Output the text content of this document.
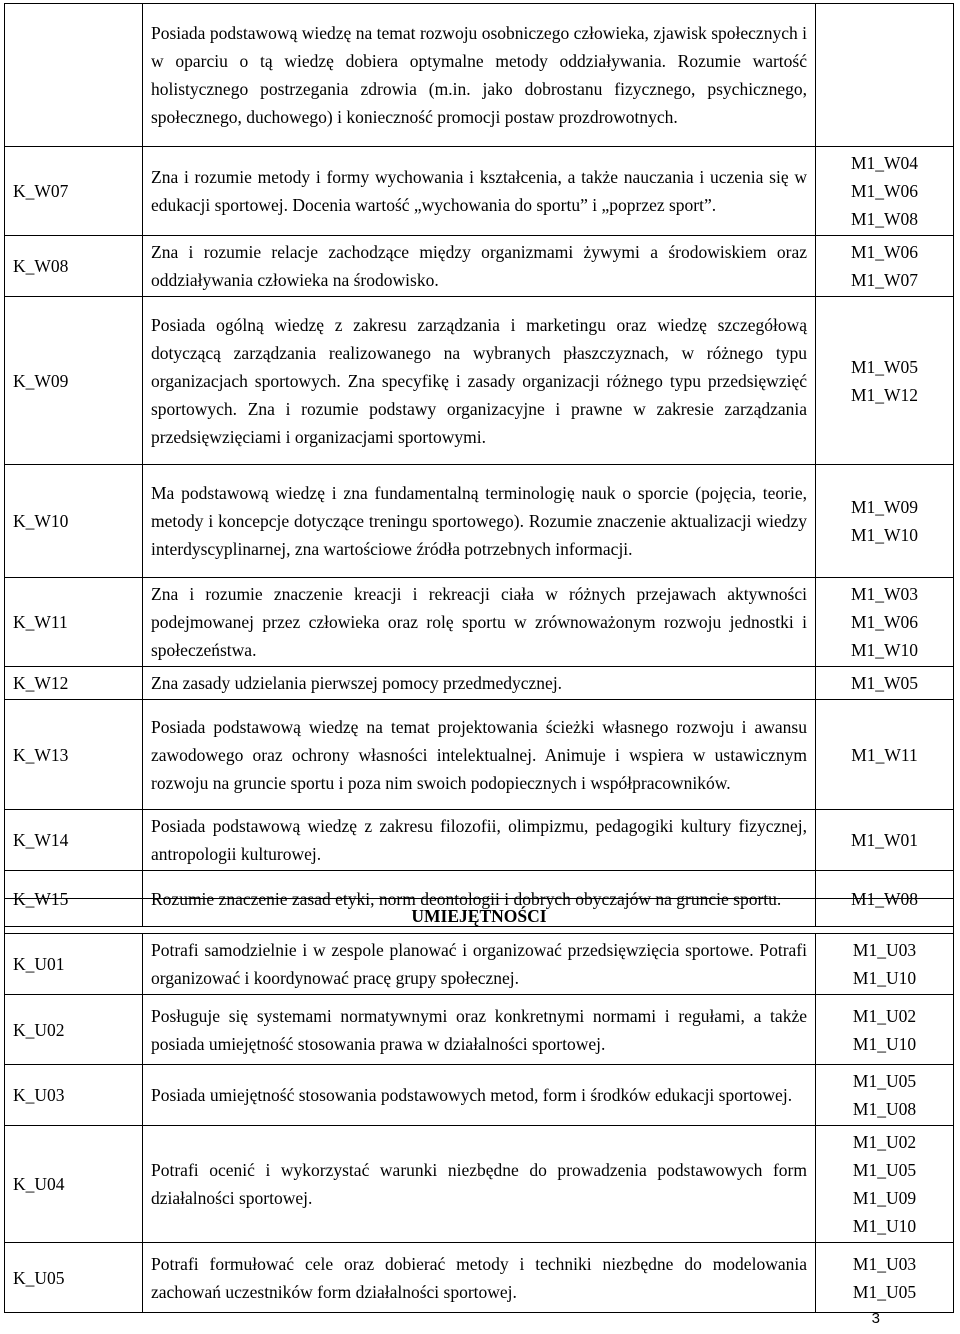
	Posiada podstawową wiedzę na temat rozwoju osobniczego człowieka, zjawisk społecznych i w oparciu o tą wiedzę dobiera optymalne metody oddziaływania. Rozumie wartość holistycznego postrzegania zdrowia (m.in. jako dobrostanu fizycznego, psychicznego, społecznego, duchowego) i konieczność promocji postaw prozdrowotnych.	
K_W07	Zna i rozumie metody i formy wychowania i kształcenia, a także nauczania i uczenia się w edukacji sportowej. Docenia wartość „wychowania do sportu” i „poprzez sport”.	M1_W04
M1_W06
M1_W08

K_W08	Zna i rozumie relacje zachodzące między organizmami żywymi a środowiskiem oraz oddziaływania człowieka na środowisko.	M1_W06
M1_W07

K_W09	Posiada ogólną wiedzę z zakresu zarządzania i marketingu oraz wiedzę szczegółową dotyczącą zarządzania realizowanego na wybranych płaszczyznach, w różnego typu organizacjach sportowych. Zna specyfikę i zasady organizacji różnego typu przedsięwzięć sportowych. Zna i rozumie podstawy organizacyjne i prawne w zakresie zarządzania przedsięwzięciami i organizacjami sportowymi.	M1_W05
M1_W12

K_W10	Ma podstawową wiedzę i zna fundamentalną terminologię nauk o sporcie (pojęcia, teorie, metody i koncepcje dotyczące treningu sportowego). Rozumie znaczenie aktualizacji wiedzy interdyscyplinarnej, zna wartościowe źródła potrzebnych informacji.	M1_W09
M1_W10

K_W11	Zna i rozumie znaczenie kreacji i rekreacji ciała w różnych przejawach aktywności podejmowanej przez człowieka oraz rolę sportu w zrównoważonym rozwoju jednostki i społeczeństwa.	M1_W03
M1_W06
M1_W10

K_W12	Zna zasady udzielania pierwszej pomocy przedmedycznej.	M1_W05

K_W13	Posiada podstawową wiedzę na temat projektowania ścieżki własnego rozwoju i awansu zawodowego oraz ochrony własności intelektualnej. Animuje i wspiera w ustawicznym rozwoju na gruncie sportu i poza nim swoich podopiecznych i współpracowników.	M1_W11

K_W14	Posiada podstawową wiedzę z zakresu filozofii, olimpizmu, pedagogiki kultury fizycznej, antropologii kulturowej.	M1_W01

K_W15	Rozumie znaczenie zasad etyki, norm deontologii i dobrych obyczajów na gruncie sportu.	M1_W08
UMIEJĘTNOŚCI		
K_U01	Potrafi samodzielnie i w zespole planować i organizować przedsięwzięcia sportowe. Potrafi organizować i koordynować pracę grupy społecznej.	M1_U03
M1_U10

K_U02	Posługuje się systemami normatywnymi oraz konkretnymi normami i regułami, a także posiada umiejętność stosowania prawa w działalności sportowej.	M1_U02
M1_U10

K_U03	Posiada umiejętność stosowania podstawowych metod, form i środków edukacji sportowej.	M1_U05
M1_U08

K_U04	Potrafi ocenić i wykorzystać warunki niezbędne do prowadzenia podstawowych form działalności sportowej.	M1_U02
M1_U05
M1_U09
M1_U10

K_U05	Potrafi formułować cele oraz dobierać metody i techniki niezbędne do modelowania zachowań uczestników form działalności sportowej.	M1_U03
M1_U05
3
